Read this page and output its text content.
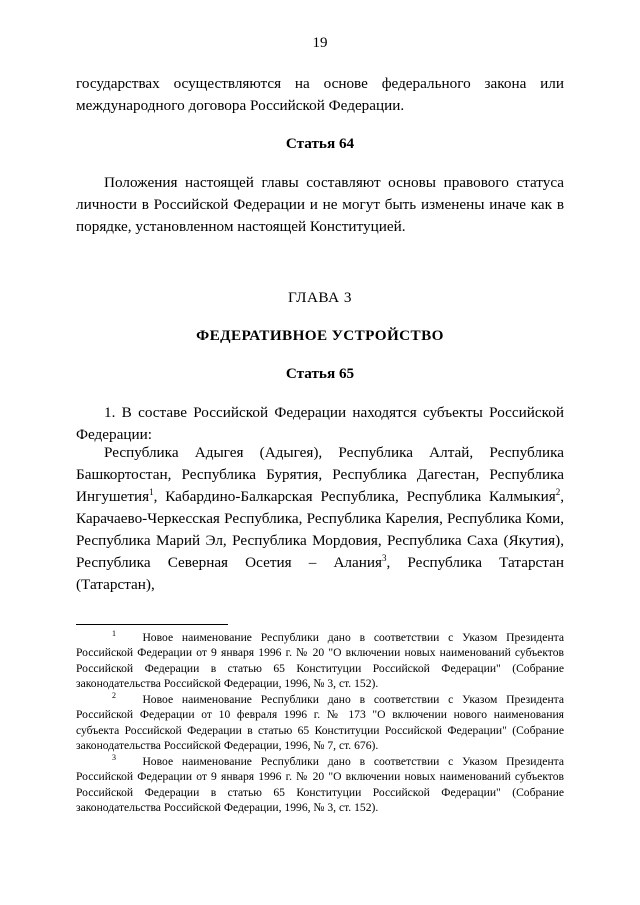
19
государствах осуществляются на основе федерального закона или
международного договора Российской Федерации.
Статья 64
Положения настоящей главы составляют основы правового статуса
личности в Российской Федерации и не могут быть изменены иначе как в
порядке, установленном настоящей Конституцией.
ГЛАВА 3
ФЕДЕРАТИВНОЕ УСТРОЙСТВО
Статья 65
1. В составе Российской Федерации находятся субъекты Российской
Федерации:
Республика Адыгея (Адыгея), Республика Алтай, Республика
Башкортостан, Республика Бурятия, Республика Дагестан, Республика
Ингушетия$^1$, Кабардино-Балкарская Республика, Республика Калмыкия$^2$,
Карачаево-Черкесская Республика, Республика Карелия, Республика Коми,
Республика Марий Эл, Республика Мордовия, Республика Саха (Якутия),
Республика Северная Осетия – Алания$^3$, Республика Татарстан (Татарстан),
$^1$ Новое наименование Республики дано в соответствии с Указом Президента
Российской Федерации от 9 января 1996 г. № 20 "О включении новых наименований субъектов
Российской Федерации в статью 65 Конституции Российской Федерации" (Собрание
законодательства Российской Федерации, 1996, № 3, ст. 152).
$^2$ Новое наименование Республики дано в соответствии с Указом Президента
Российской Федерации от 10 февраля 1996 г. № 173 "О включении нового наименования
субъекта Российской Федерации в статью 65 Конституции Российской Федерации" (Собрание
законодательства Российской Федерации, 1996, № 7, ст. 676).
$^3$ Новое наименование Республики дано в соответствии с Указом Президента
Российской Федерации от 9 января 1996 г. № 20 "О включении новых наименований субъектов
Российской Федерации в статью 65 Конституции Российской Федерации" (Собрание
законодательства Российской Федерации, 1996, № 3, ст. 152).
